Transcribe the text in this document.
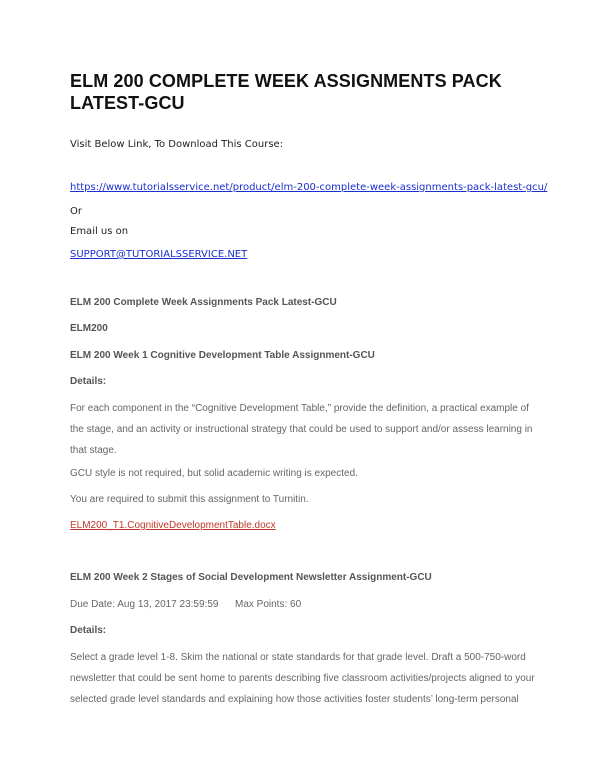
ELM 200 COMPLETE WEEK ASSIGNMENTS PACK
LATEST-GCU
Visit Below Link, To Download This Course:
https://www.tutorialsservice.net/product/elm-200-complete-week-assignments-pack-latest-gcu/
Or
Email us on
SUPPORT@TUTORIALSSERVICE.NET
ELM 200 Complete Week Assignments Pack Latest-GCU
ELM200
ELM 200 Week 1 Cognitive Development Table Assignment-GCU
Details:
For each component in the “Cognitive Development Table,” provide the definition, a practical example of the stage, and an activity or instructional strategy that could be used to support and/or assess learning in that stage.
GCU style is not required, but solid academic writing is expected.
You are required to submit this assignment to Turnitin.
ELM200_T1.CognitiveDevelopmentTable.docx
ELM 200 Week 2 Stages of Social Development Newsletter Assignment-GCU
Due Date: Aug 13, 2017 23:59:59 Max Points: 60
Details:
Select a grade level 1-8. Skim the national or state standards for that grade level. Draft a 500-750-word newsletter that could be sent home to parents describing five classroom activities/projects aligned to your selected grade level standards and explaining how those activities foster students’ long-term personal
